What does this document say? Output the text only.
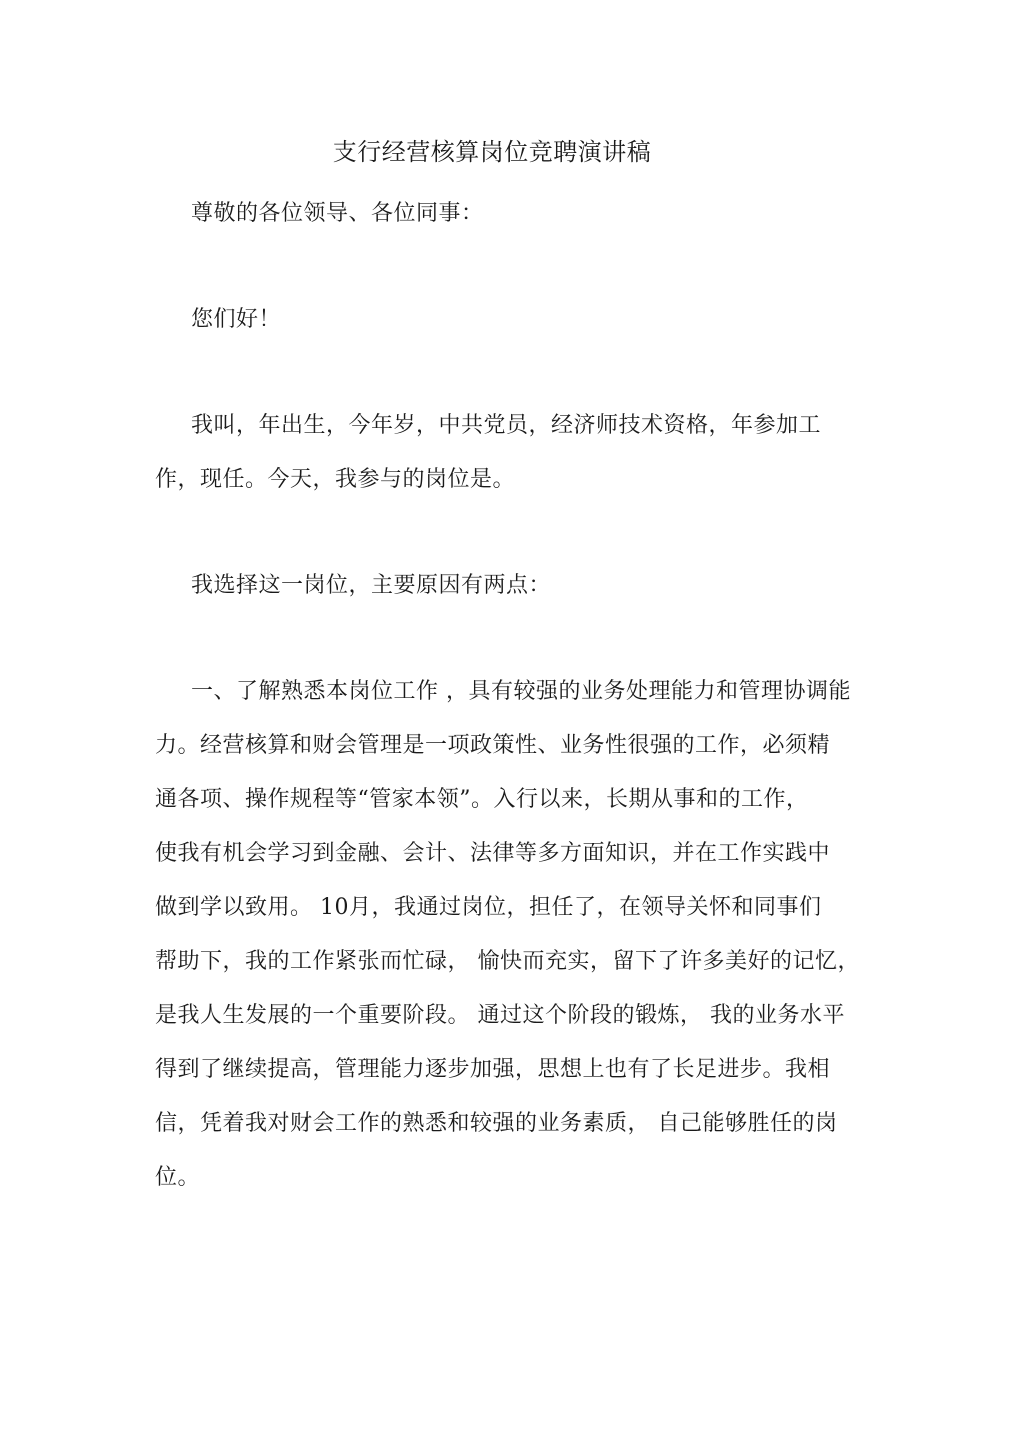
支行经营核算岗位竞聘演讲稿
尊敬的各位领导、各位同事：
您们好！
我叫，年出生，今年岁，中共党员，经济师技术资格，年参加工
作，现任。今天，我参与的岗位是。
我选择这一岗位，主要原因有两点：
一、了解熟悉本岗位工作 ，具有较强的业务处理能力和管理协调能
力。经营核算和财会管理是一项政策性、业务性很强的工作，必须精
通各项、操作规程等“管家本领”。入行以来，长期从事和的工作，
使我有机会学习到金融、会计、法律等多方面知识，并在工作实践中
做到学以致用。 10月，我通过岗位，担任了，在领导关怀和同事们
帮助下，我的工作紧张而忙碌， 愉快而充实，留下了许多美好的记忆，
是我人生发展的一个重要阶段。 通过这个阶段的锻炼， 我的业务水平
得到了继续提高，管理能力逐步加强，思想上也有了长足进步。我相
信，凭着我对财会工作的熟悉和较强的业务素质， 自己能够胜任的岗
位。
